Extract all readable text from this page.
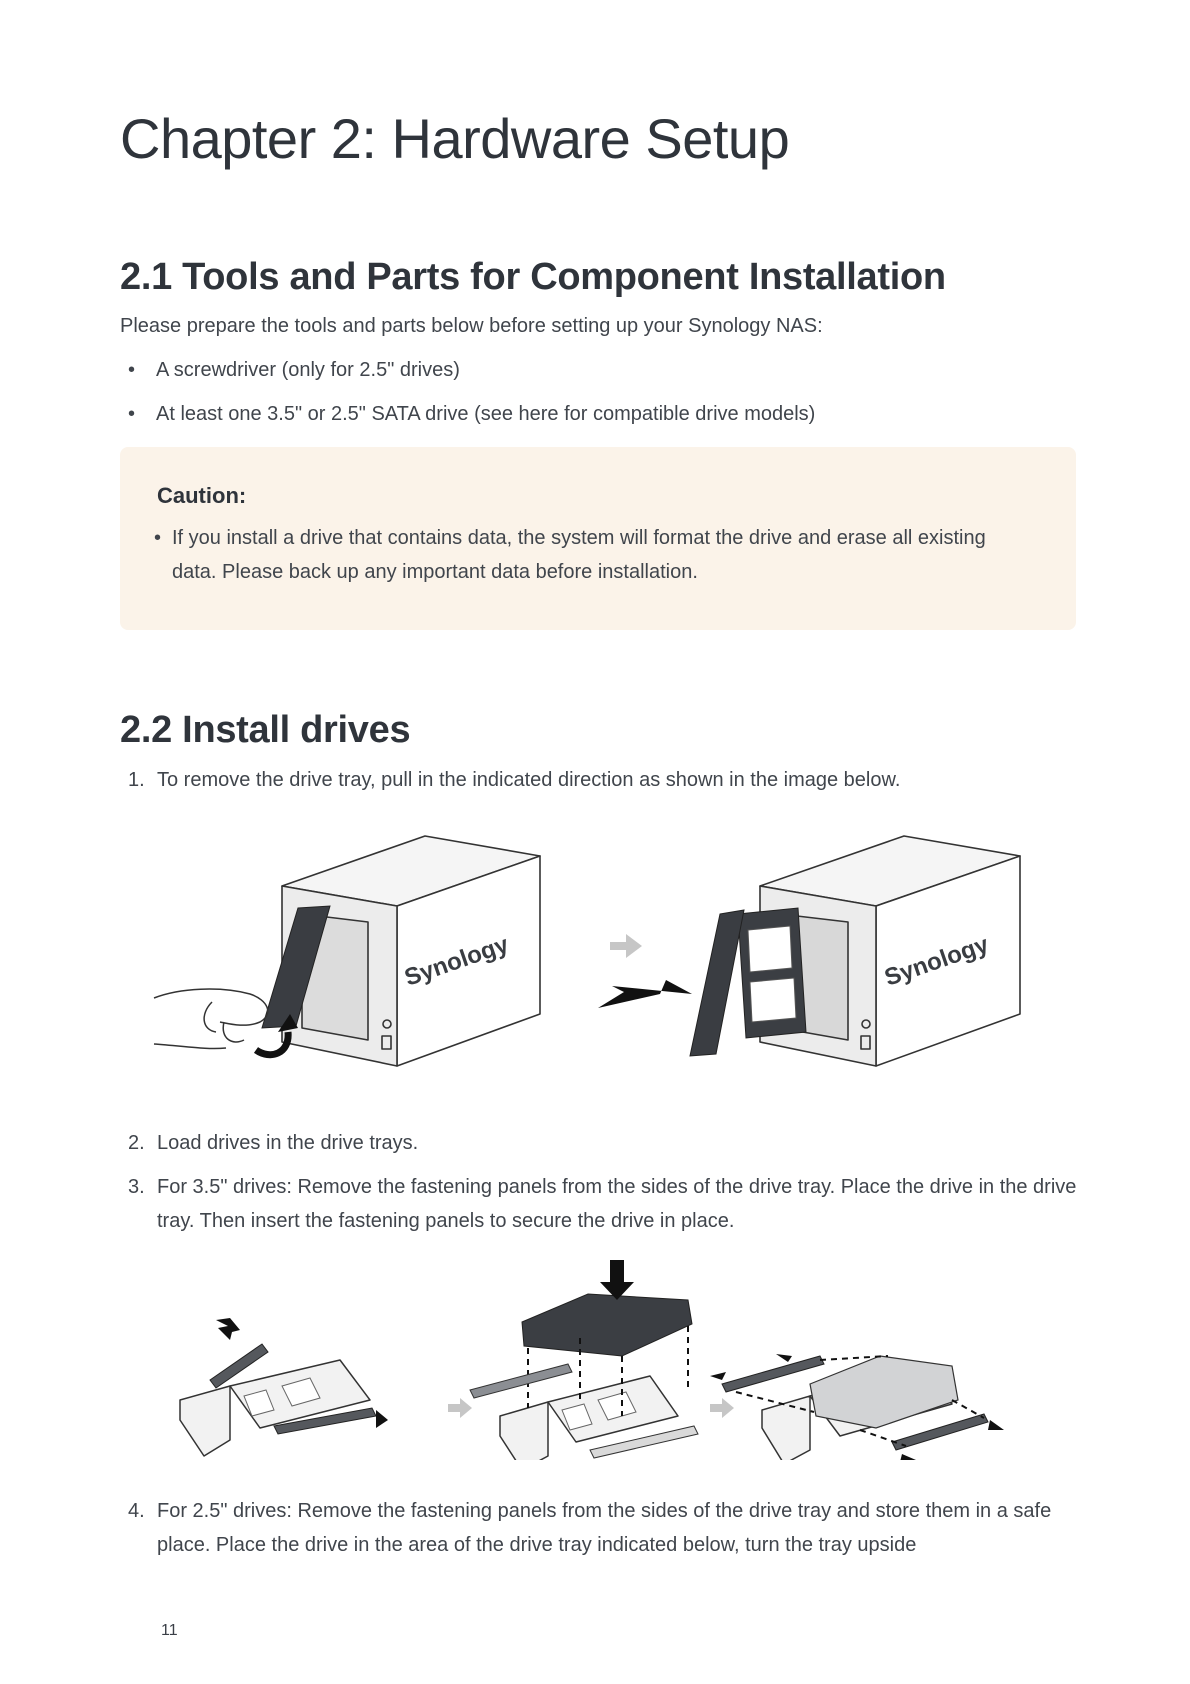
Chapter 2: Hardware Setup
2.1 Tools and Parts for Component Installation
Please prepare the tools and parts below before setting up your Synology NAS:
• A screwdriver (only for 2.5" drives)
• At least one 3.5" or 2.5" SATA drive (see here for compatible drive models)
Caution:
• If you install a drive that contains data, the system will format the drive and erase all existing data. Please back up any important data before installation.
2.2 Install drives
1. To remove the drive tray, pull in the indicated direction as shown in the image below.
Synology	Synology
2. Load drives in the drive trays.
3. For 3.5" drives: Remove the fastening panels from the sides of the drive tray. Place the drive in the drive tray. Then insert the fastening panels to secure the drive in place.
4. For 2.5" drives: Remove the fastening panels from the sides of the drive tray and store them in a safe place. Place the drive in the area of the drive tray indicated below, turn the tray upside
11
